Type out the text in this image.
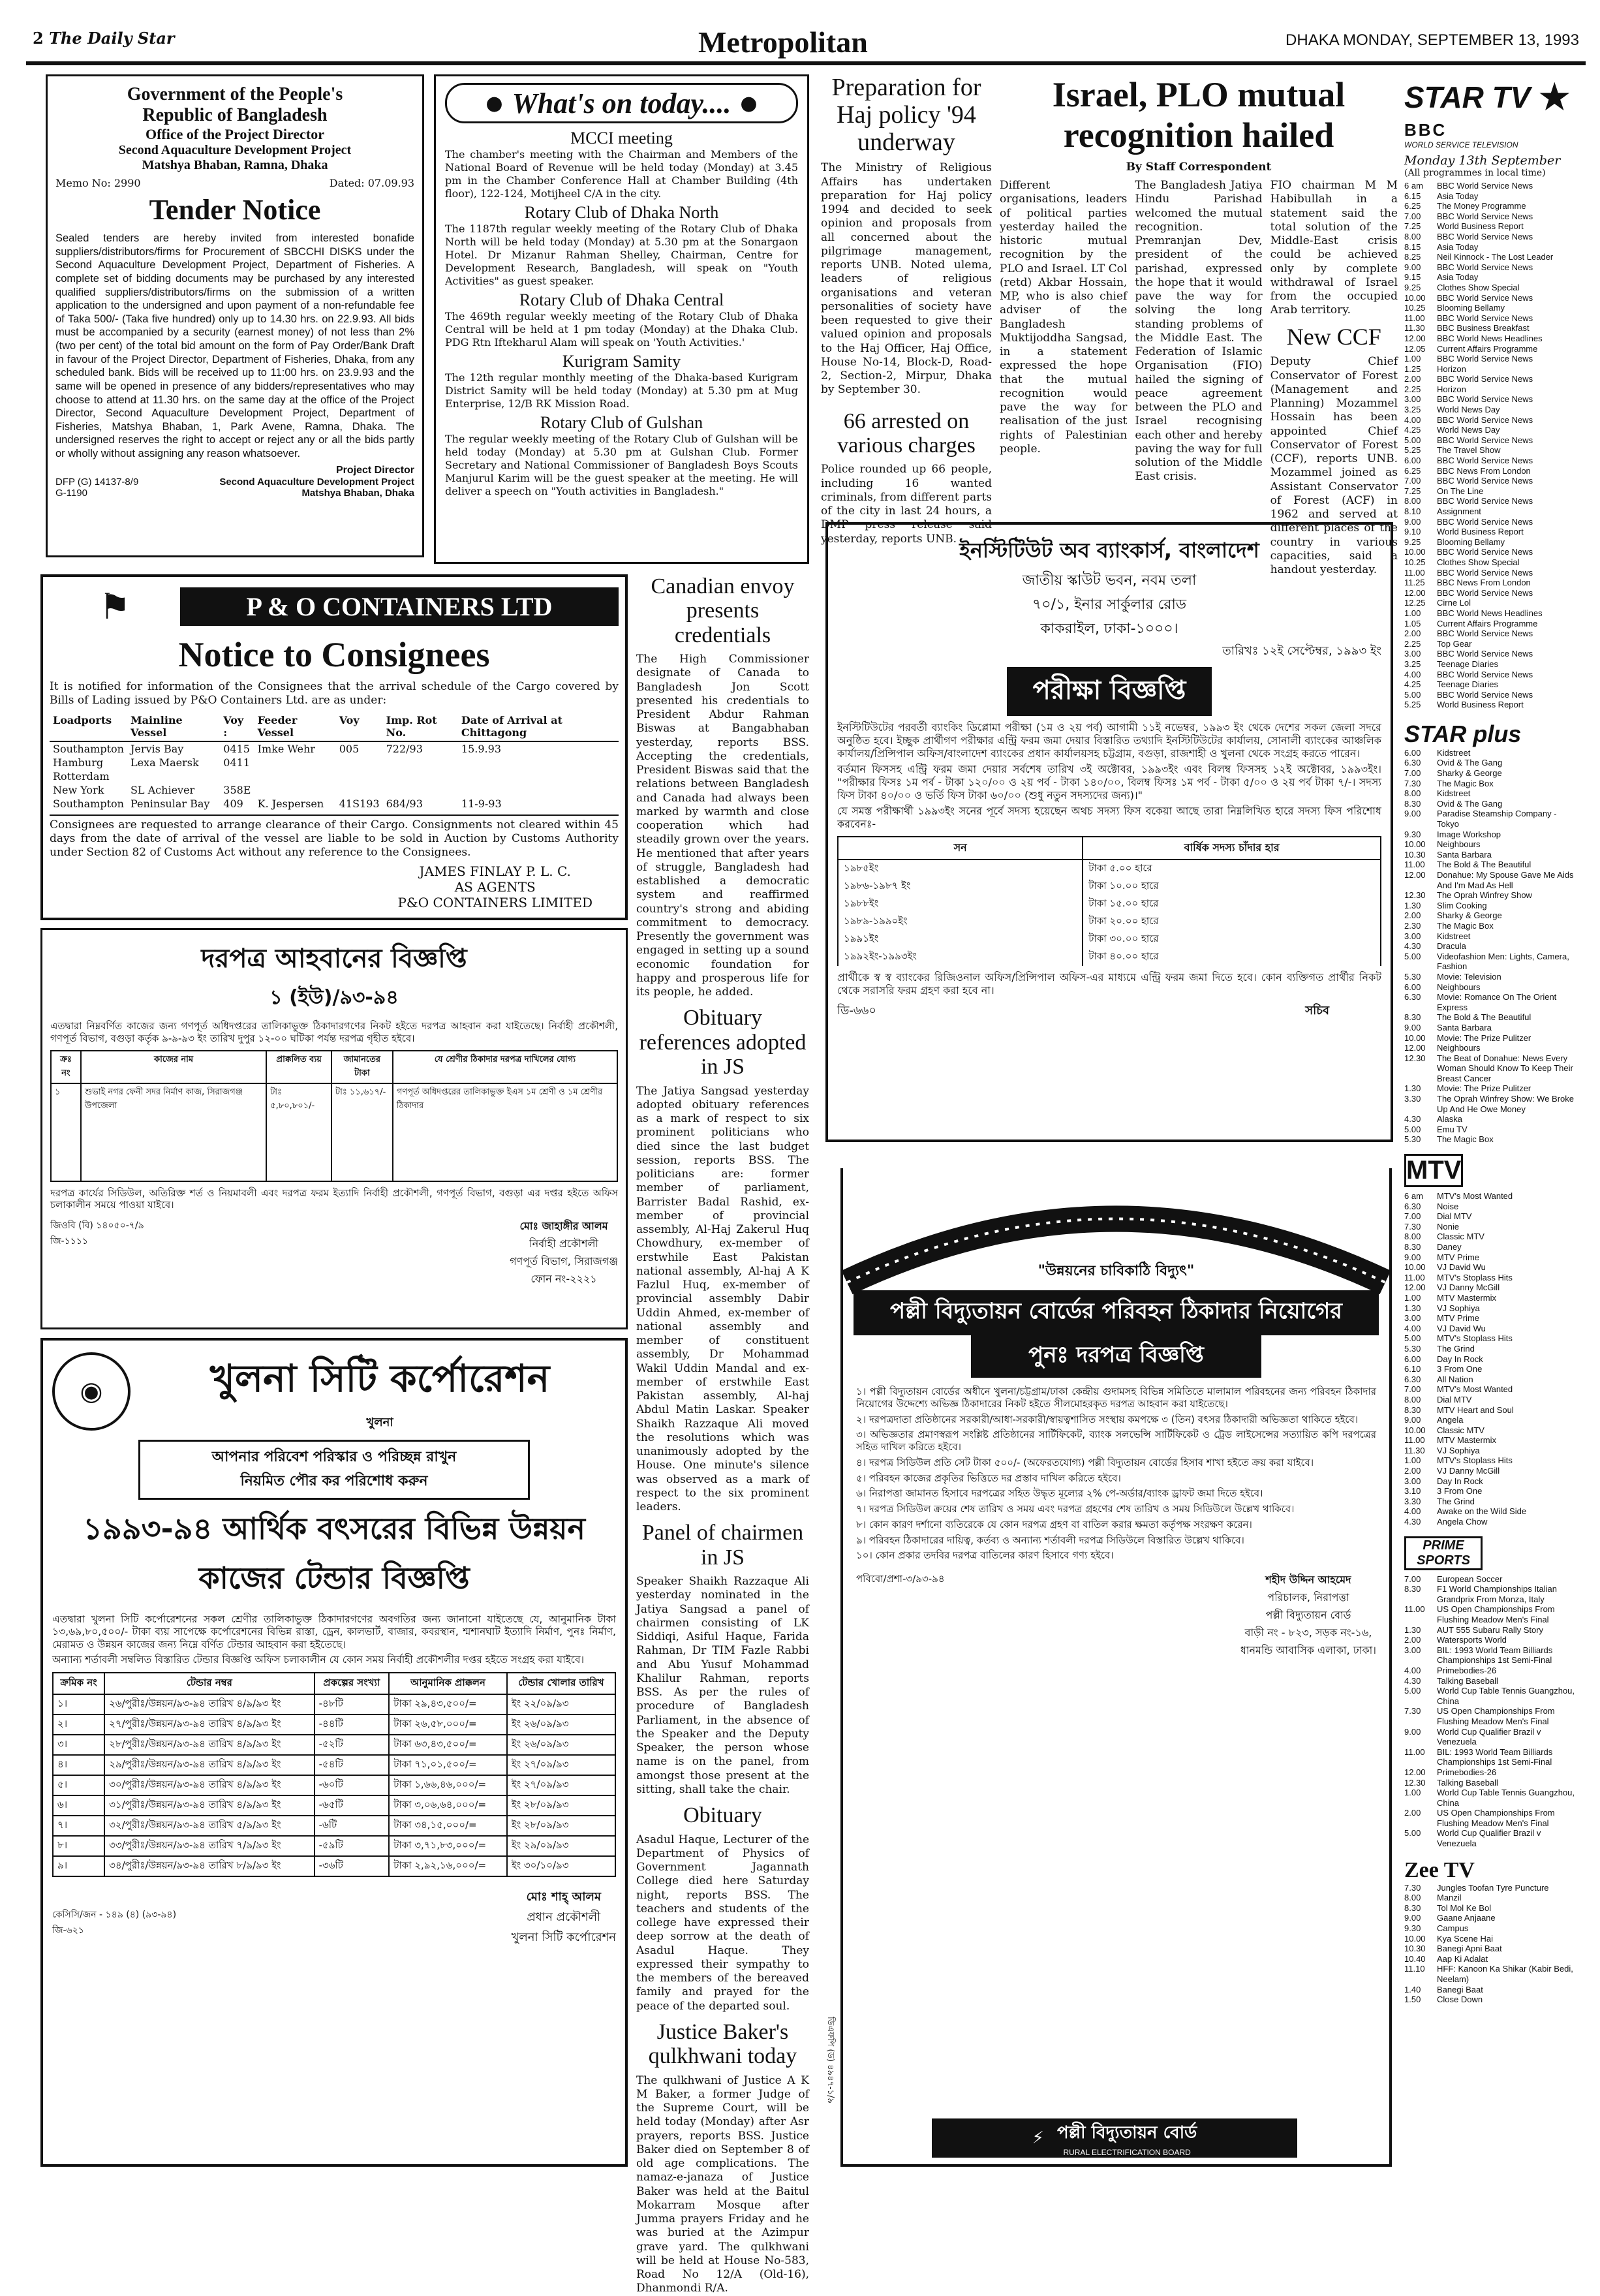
2 The Daily Star	Metropolitan	DHAKA MONDAY, SEPTEMBER 13, 1993
Government of the People's
Republic of Bangladesh
Office of the Project Director
Second Aquaculture Development Project
Matshya Bhaban, Ramna, Dhaka
Memo No: 2990	Dated: 07.09.93
Tender Notice
Sealed tenders are hereby invited from interested bonafide suppliers/distributors/firms for Procurement of SBCCHI DISKS under the Second Aquaculture Development Project, Department of Fisheries. A complete set of bidding documents may be purchased by any interested qualified suppliers/distributors/firms on the submission of a written application to the undersigned and upon payment of a non-refundable fee of Taka 500/- (Taka five hundred) only up to 14.30 hrs. on 22.9.93. All bids must be accompanied by a security (earnest money) of not less than 2% (two per cent) of the total bid amount on the form of Pay Order/Bank Draft in favour of the Project Director, Department of Fisheries, Dhaka, from any scheduled bank. Bids will be received up to 11:00 hrs. on 23.9.93 and the same will be opened in presence of any bidders/representatives who may choose to attend at 11.30 hrs. on the same day at the office of the Project Director, Second Aquaculture Development Project, Department of Fisheries, Matshya Bhaban, 1, Park Avene, Ramna, Dhaka. The undersigned reserves the right to accept or reject any or all the bids partly or wholly without assigning any reason whatsoever.
Project Director
DFP (G) 14137-8/9
G-1190
Second Aquaculture Development Project
Matshya Bhaban, Dhaka
● What's on today.... ●
MCCI meeting
The chamber's meeting with the Chairman and Members of the National Board of Revenue will be held today (Monday) at 3.45 pm in the Chamber Conference Hall at Chamber Building (4th floor), 122-124, Motijheel C/A in the city.
Rotary Club of Dhaka North
The 1187th regular weekly meeting of the Rotary Club of Dhaka North will be held today (Monday) at 5.30 pm at the Sonargaon Hotel. Dr Mizanur Rahman Shelley, Chairman, Centre for Development Research, Bangladesh, will speak on "Youth Activities" as guest speaker.
Rotary Club of Dhaka Central
The 469th regular weekly meeting of the Rotary Club of Dhaka Central will be held at 1 pm today (Monday) at the Dhaka Club. PDG Rtn Iftekharul Alam will speak on 'Youth Activities.'
Kurigram Samity
The 12th regular monthly meeting of the Dhaka-based Kurigram District Samity will be held today (Monday) at 5.30 pm at Mug Enterprise, 12/B RK Mission Road.
Rotary Club of Gulshan
The regular weekly meeting of the Rotary Club of Gulshan will be held today (Monday) at 5.30 pm at Gulshan Club. Former Secretary and National Commissioner of Bangladesh Boys Scouts Manjurul Karim will be the guest speaker at the meeting. He will deliver a speech on "Youth activities in Bangladesh."
Preparation for Haj policy '94 underway
The Ministry of Religious Affairs has undertaken preparation for Haj policy 1994 and decided to seek opinion and proposals from all concerned about the pilgrimage management, reports UNB. Noted ulema, leaders of religious organisations and veteran personalities of society have been requested to give their valued opinion and proposals to the Haj Officer, Haj Office, House No-14, Block-D, Road-2, Section-2, Mirpur, Dhaka by September 30.
66 arrested on various charges
Police rounded up 66 people, including 16 wanted criminals, from different parts of the city in last 24 hours, a DMP press release said yesterday, reports UNB.
Israel, PLO mutual recognition hailed
By Staff Correspondent
Different organisations, leaders of political parties yesterday hailed the historic mutual recognition by the PLO and Israel. LT Col (retd) Akbar Hossain, MP, who is also chief adviser of the Bangladesh Muktijoddha Sangsad, in a statement expressed the hope that the mutual recognition would pave the way for realisation of the just rights of Palestinian people.
The Bangladesh Jatiya Hindu Parishad welcomed the mutual recognition. Premranjan Dev, president of the parishad, expressed the hope that it would pave the way for solving the long standing problems of the Middle East. The Federation of Islamic Organisation (FIO) hailed the signing of peace agreement between the PLO and Israel recognising each other and hereby paving the way for full solution of the Middle East crisis.
FIO chairman M M Habibullah in a statement said the total solution of the Middle-East crisis could be achieved only by complete withdrawal of Israel from the occupied Arab territory.
New CCF
Deputy Chief Conservator of Forest (Management and Planning) Mozammel Hossain has been appointed Chief Conservator of Forest (CCF), reports UNB. Mozammel joined as Assistant Conservator of Forest (ACF) in 1962 and served at different places of the country in various capacities, said a handout yesterday.
STAR TV ★
BBC
WORLD SERVICE TELEVISION
Monday 13th September
(All programmes in local time)
6 am	BBC World Service News
6.15	Asia Today
6.25	The Money Programme
7.00	BBC World Service News
7.25	World Business Report
8.00	BBC World Service News
8.15	Asia Today
8.25	Neil Kinnock - The Lost Leader
9.00	BBC World Service News
9.15	Asia Today
9.25	Clothes Show Special
10.00	BBC World Service News
10.25	Blooming Bellamy
11.00	BBC World Service News
11.30	BBC Business Breakfast
12.00	BBC World News Headlines
12.05	Current Affairs Programme
1.00	BBC World Service News
1.25	Horizon
2.00	BBC World Service News
2.25	Horizon
3.00	BBC World Service News
3.25	World News Day
4.00	BBC World Service News
4.25	World News Day
5.00	BBC World Service News
5.25	The Travel Show
6.00	BBC World Service News
6.25	BBC News From London
7.00	BBC World Service News
7.25	On The Line
8.00	BBC World Service News
8.10	Assignment
9.00	BBC World Service News
9.10	World Business Report
9.25	Blooming Bellamy
10.00	BBC World Service News
10.25	Clothes Show Special
11.00	BBC World Service News
11.25	BBC News From London
12.00	BBC World Service News
12.25	Cirne Lol
1.00	BBC World News Headlines
1.05	Current Affairs Programme
2.00	BBC World Service News
2.25	Top Gear
3.00	BBC World Service News
3.25	Teenage Diaries
4.00	BBC World Service News
4.25	Teenage Diaries
5.00	BBC World Service News
5.25	World Business Report
STAR plus
6.00	Kidstreet
6.30	Ovid & The Gang
7.00	Sharky & George
7.30	The Magic Box
8.00	Kidstreet
8.30	Ovid & The Gang
9.00	Paradise Steamship Company - Tokyo
9.30	Image Workshop
10.00	Neighbours
10.30	Santa Barbara
11.00	The Bold & The Beautiful
12.00	Donahue: My Spouse Gave Me Aids And I'm Mad As Hell
12.30	The Oprah Winfrey Show
1.30	Slim Cooking
2.00	Sharky & George
2.30	The Magic Box
3.00	Kidstreet
4.30	Dracula
5.00	Videofashion Men: Lights, Camera, Fashion
5.30	Movie: Television
6.00	Neighbours
6.30	Movie: Romance On The Orient Express
8.30	The Bold & The Beautiful
9.00	Santa Barbara
10.00	Movie: The Prize Pulitzer
12.00	Neighbours
12.30	The Beat of Donahue: News Every Woman Should Know To Keep Their Breast Cancer
1.30	Movie: The Prize Pulitzer
3.30	The Oprah Winfrey Show: We Broke Up And He Owe Money
4.30	Alaska
5.00	Emu TV
5.30	The Magic Box
MTV
6 am	MTV's Most Wanted
6.30	Noise
7.00	Dial MTV
7.30	Nonie
8.00	Classic MTV
8.30	Daney
9.00	MTV Prime
10.00	VJ David Wu
11.00	MTV's Stoplass Hits
12.00	VJ Danny McGill
1.00	MTV Mastermix
1.30	VJ Sophiya
3.00	MTV Prime
4.00	VJ David Wu
5.00	MTV's Stoplass Hits
5.30	The Grind
6.00	Day In Rock
6.10	3 From One
6.30	All Nation
7.00	MTV's Most Wanted
8.00	Dial MTV
8.30	MTV Heart and Soul
9.00	Angela
10.00	Classic MTV
11.00	MTV Mastermix
11.30	VJ Sophiya
1.00	MTV's Stoplass Hits
2.00	VJ Danny McGill
3.00	Day In Rock
3.10	3 From One
3.30	The Grind
4.00	Awake on the Wild Side
4.30	Angela Chow
PRIME SPORTS
7.00	European Soccer
8.30	F1 World Championships Italian Grandprix From Monza, Italy
11.00	US Open Championships From Flushing Meadow Men's Final
1.30	AUT 555 Subaru Rally Story
2.00	Watersports World
3.00	BIL: 1993 World Team Billiards Championships 1st Semi-Final
4.00	Primebodies-26
4.30	Talking Baseball
5.00	World Cup Table Tennis Guangzhou, China
7.30	US Open Championships From Flushing Meadow Men's Final
9.00	World Cup Qualifier Brazil v Venezuela
11.00	BIL: 1993 World Team Billiards Championships 1st Semi-Final
12.00	Primebodies-26
12.30	Talking Baseball
1.00	World Cup Table Tennis Guangzhou, China
2.00	US Open Championships From Flushing Meadow Men's Final
5.00	World Cup Qualifier Brazil v Venezuela
Zee TV
7.30	Jungles Toofan Tyre Puncture
8.00	Manzil
8.30	Tol Mol Ke Bol
9.00	Gaane Anjaane
9.30	Campus
10.00	Kya Scene Hai
10.30	Banegi Apni Baat
10.40	Aap Ki Adalat
11.10	HFF: Kanoon Ka Shikar (Kabir Bedi, Neelam)
1.40	Banegi Baat
1.50	Close Down
⚑	P & O CONTAINERS LTD
Notice to Consignees
It is notified for information of the Consignees that the arrival schedule of the Cargo covered by Bills of Lading issued by P&O Containers Ltd. are as under:
Loadports	Mainline Vessel	Voy :	Feeder Vessel	Voy	Imp. Rot No.	Date of Arrival at Chittagong
Southampton	Jervis Bay	0415	Imke Wehr	005	722/93	15.9.93
Hamburg	Lexa Maersk	0411				
Rotterdam						
New York	SL Achiever	358E				
Southampton	Peninsular Bay	409	K. Jespersen	41S193	684/93	11-9-93
Consignees are requested to arrange clearance of their Cargo. Consignments not cleared within 45 days from the date of arrival of the vessel are liable to be sold in Auction by Customs Authority under Section 82 of Customs Act without any reference to the Consignees.
JAMES FINLAY P. L. C.
AS AGENTS
P&O CONTAINERS LIMITED
দরপত্র আহবানের বিজ্ঞপ্তি
১ (ইউ)/৯৩-৯৪
এতদ্বারা নিম্নবর্ণিত কাজের জন্য গণপূর্ত অধিদপ্তরের তালিকাভুক্ত ঠিকাদারগণের নিকট হইতে দরপত্র আহবান করা যাইতেছে। নির্বাহী প্রকৌশলী, গণপূর্ত বিভাগ, বগুড়া কর্তৃক ৯-৯-৯৩ ইং তারিখ দুপুর ১২-০০ ঘটিকা পর্যন্ত দরপত্র গৃহীত হইবে।
ক্রঃ নং	কাজের নাম	প্রাক্কলিত ব্যয়	জামানতের টাকা	যে শ্রেণীর ঠিকাদার দরপত্র দাখিলের যোগ্য
১	শুভাই নগর ফেনী সদর নির্মাণ কাজ, সিরাজগঞ্জ উপজেলা	টাঃ ৫,৮০,৮০১/-	টাঃ ১১,৬১৭/-	গণপূর্ত অধিদপ্তরের তালিকাভুক্ত ইএস ১ম শ্রেণী ও ১ম শ্রেণীর ঠিকাদার
দরপত্র কার্যের সিডিউল, অতিরিক্ত শর্ত ও নিয়মাবলী এবং দরপত্র ফরম ইত্যাদি নির্বাহী প্রকৌশলী, গণপূর্ত বিভাগ, বগুড়া এর দপ্তর হইতে অফিস চলাকালীন সময়ে পাওয়া যাইবে।
জিওবি (বি) ১৪০৫০-৭/৯
জি-১১১১
মোঃ জাহাঙ্গীর আলম
নির্বাহী প্রকৌশলী
গণপূর্ত বিভাগ, সিরাজগঞ্জ
ফোন নং-২২২১
◉	খুলনা সিটি কর্পোরেশন
খুলনা
আপনার পরিবেশ পরিস্কার ও পরিচ্ছন্ন রাখুন
নিয়মিত পৌর কর পরিশোধ করুন
১৯৯৩-৯৪ আর্থিক বৎসরের বিভিন্ন উন্নয়ন
কাজের টেন্ডার বিজ্ঞপ্তি
এতদ্বারা খুলনা সিটি কর্পোরেশনের সকল শ্রেণীর তালিকাভুক্ত ঠিকাদারগণের অবগতির জন্য জানানো যাইতেছে যে, আনুমানিক টাকা ১৩,৬৯,৮০,৫০০/- টাকা ব্যয় সাপেক্ষে কর্পোরেশনের বিভিন্ন রাস্তা, ড্রেন, কালভার্ট, বাজার, কবরস্থান, শ্মশানঘাট ইত্যাদি নির্মাণ, পুনঃ নির্মাণ, মেরামত ও উন্নয়ন কাজের জন্য নিম্নে বর্ণিত টেন্ডার আহবান করা হইতেছে।
অন্যান্য শর্তাবলী সম্বলিত বিস্তারিত টেন্ডার বিজ্ঞপ্তি অফিস চলাকালীন যে কোন সময় নির্বাহী প্রকৌশলীর দপ্তর হইতে সংগ্রহ করা যাইবে।
ক্রমিক নং	টেন্ডার নম্বর	প্রকল্পের সংখ্যা	আনুমানিক প্রাক্কলন	টেন্ডার খোলার তারিখ
১।	২৬/পুরীঃ/উন্নয়ন/৯৩-৯৪ তারিখ ৪/৯/৯৩ ইং	-৪৮টি	টাকা ২৯,৪৩,৫০০/=	ইং ২২/০৯/৯৩
২।	২৭/পুরীঃ/উন্নয়ন/৯৩-৯৪ তারিখ ৪/৯/৯৩ ইং	-৪৪টি	টাকা ২৬,৫৮,০০০/=	ইং ২৬/০৯/৯৩
৩।	২৮/পুরীঃ/উন্নয়ন/৯৩-৯৪ তারিখ ৪/৯/৯৩ ইং	-৫২টি	টাকা ৬৩,৪৩,৫০০/=	ইং ২৬/০৯/৯৩
৪।	২৯/পুরীঃ/উন্নয়ন/৯৩-৯৪ তারিখ ৪/৯/৯৩ ইং	-৫৪টি	টাকা ৭১,০১,৫০০/=	ইং ২৭/০৯/৯৩
৫।	৩০/পুরীঃ/উন্নয়ন/৯৩-৯৪ তারিখ ৪/৯/৯৩ ইং	-৬০টি	টাকা ১,৬৬,৪৬,০০০/=	ইং ২৭/০৯/৯৩
৬।	৩১/পুরীঃ/উন্নয়ন/৯৩-৯৪ তারিখ ৪/৯/৯৩ ইং	-৬৫টি	টাকা ৩,০৬,৬৪,০০০/=	ইং ২৮/০৯/৯৩
৭।	৩২/পুরীঃ/উন্নয়ন/৯৩-৯৪ তারিখ ৫/৯/৯৩ ইং	-৬টি	টাকা ৩৪,১৫,০০০/=	ইং ২৮/০৯/৯৩
৮।	৩৩/পুরীঃ/উন্নয়ন/৯৩-৯৪ তারিখ ৭/৯/৯৩ ইং	-৫৯টি	টাকা ৩,৭১,৮৩,০০০/=	ইং ২৯/০৯/৯৩
৯।	৩৪/পুরীঃ/উন্নয়ন/৯৩-৯৪ তারিখ ৮/৯/৯৩ ইং	-৩৬টি	টাকা ২,৯২,১৬,০০০/=	ইং ৩০/১০/৯৩
কেসিসি/জন - ১৪৯ (৪) (৯৩-৯৪)
জি-৬২১
মোঃ শাহ্ আলম
প্রধান প্রকৌশলী
খুলনা সিটি কর্পোরেশন
Canadian envoy presents credentials
The High Commissioner designate of Canada to Bangladesh Jon Scott presented his credentials to President Abdur Rahman Biswas at Bangabhaban yesterday, reports BSS. Accepting the credentials, President Biswas said that the relations between Bangladesh and Canada had always been marked by warmth and close cooperation which had steadily grown over the years. He mentioned that after years of struggle, Bangladesh had established a democratic system and reaffirmed country's strong and abiding commitment to democracy. Presently the government was engaged in setting up a sound economic foundation for happy and prosperous life for its people, he added.
Obituary references adopted in JS
The Jatiya Sangsad yesterday adopted obituary references as a mark of respect to six prominent politicians who died since the last budget session, reports BSS. The politicians are: former member of parliament, Barrister Badal Rashid, ex-member of provincial assembly, Al-Haj Zakerul Huq Chowdhury, ex-member of erstwhile East Pakistan national assembly, Al-haj A K Fazlul Huq, ex-member of provincial assembly Dabir Uddin Ahmed, ex-member of national assembly and member of constituent assembly, Dr Mohammad Wakil Uddin Mandal and ex-member of erstwhile East Pakistan assembly, Al-haj Abdul Matin Laskar. Speaker Shaikh Razzaque Ali moved the resolutions which was unanimously adopted by the House. One minute's silence was observed as a mark of respect to the six prominent leaders.
Panel of chairmen in JS
Speaker Shaikh Razzaque Ali yesterday nominated in the Jatiya Sangsad a panel of chairmen consisting of LK Siddiqi, Asiful Haque, Farida Rahman, Dr TIM Fazle Rabbi and Abu Yusuf Mohammad Khalilur Rahman, reports BSS. As per the rules of procedure of Bangladesh Parliament, in the absence of the Speaker and the Deputy Speaker, the person whose name is on the panel, from amongst those present at the sitting, shall take the chair.
Obituary
Asadul Haque, Lecturer of the Department of Physics of Government Jagannath College died here Saturday night, reports BSS. The teachers and students of the college have expressed their deep sorrow at the death of Asadul Haque. They expressed their sympathy to the members of the bereaved family and prayed for the peace of the departed soul.
Justice Baker's qulkhwani today
The qulkhwani of Justice A K M Baker, a former Judge of the Supreme Court, will be held today (Monday) after Asr prayers, reports BSS. Justice Baker died on September 8 of old age complications. The namaz-e-janaza of Justice Baker was held at the Baitul Mokarram Mosque after Jumma prayers Friday and he was buried at the Azimpur grave yard. The qulkhwani will be held at House No-583, Road No 12/A (Old-16), Dhanmondi R/A.
ইনস্টিটিউট অব ব্যাংকার্স, বাংলাদেশ
জাতীয় স্কাউট ভবন, নবম তলা
৭০/১, ইনার সার্কুলার রোড
কাকরাইল, ঢাকা-১০০০।
তারিখঃ ১২ই সেপ্টেম্বর, ১৯৯৩ ইং
পরীক্ষা বিজ্ঞপ্তি
ইনস্টিটিউটের পরবর্তী ব্যাংকিং ডিপ্লোমা পরীক্ষা (১ম ও ২য় পর্ব) আগামী ১১ই নভেম্বর, ১৯৯৩ ইং থেকে দেশের সকল জেলা সদরে অনুষ্ঠিত হবে। ইচ্ছুক প্রার্থীগণ পরীক্ষার এন্ট্রি ফরম জমা দেয়ার বিস্তারিত তথ্যাদি ইনস্টিটিউটের কার্যালয়, সোনালী ব্যাংকের আঞ্চলিক কার্যালয়/প্রিন্সিপাল অফিস/বাংলাদেশ ব্যাংকের প্রধান কার্যালয়সহ চট্টগ্রাম, বগুড়া, রাজশাহী ও খুলনা থেকে সংগ্রহ করতে পারেন।
বর্তমান ফিসসহ এন্ট্রি ফরম জমা দেয়ার সর্বশেষ তারিখ ৩ই অক্টোবর, ১৯৯৩ইং এবং বিলম্ব ফিসসহ ১২ই অক্টোবর, ১৯৯৩ইং। "পরীক্ষার ফিসঃ ১ম পর্ব - টাকা ১২০/০০ ও ২য় পর্ব - টাকা ১৪০/০০, বিলম্ব ফিসঃ ১ম পর্ব - টাকা ৫/০০ ও ২য় পর্ব টাকা ৭/-। সদস্য ফিস টাকা ৪০/০০ ও ভর্তি ফিস টাকা ৬০/০০ (শুধু নতুন সদস্যদের জন্য)।"
যে সমস্ত পরীক্ষার্থী ১৯৯৩ইং সনের পূর্বে সদস্য হয়েছেন অথচ সদস্য ফিস বকেয়া আছে তারা নিম্নলিখিত হারে সদস্য ফিস পরিশোধ করবেনঃ-
সন	বার্ষিক সদস্য চাঁদার হার
১৯৮৫ইং	টাকা ৫.০০ হারে
১৯৮৬-১৯৮৭ ইং	টাকা ১০.০০ হারে
১৯৮৮ইং	টাকা ১৫.০০ হারে
১৯৮৯-১৯৯০ইং	টাকা ২০.০০ হারে
১৯৯১ইং	টাকা ৩০.০০ হারে
১৯৯২ইং-১৯৯৩ইং	টাকা ৪০.০০ হারে
প্রার্থীকে স্ব স্ব ব্যাংকের রিজিওনাল অফিস/প্রিন্সিপাল অফিস-এর মাধ্যমে এন্ট্রি ফরম জমা দিতে হবে। কোন ব্যক্তিগত প্রার্থীর নিকট থেকে সরাসরি ফরম গ্রহণ করা হবে না।
ডি-৬৬০	সচিব
"উন্নয়নের চাবিকাঠি বিদ্যুৎ"
পল্লী বিদ্যুতায়ন বোর্ডের পরিবহন ঠিকাদার নিয়োগের
পুনঃ দরপত্র বিজ্ঞপ্তি
১। পল্লী বিদ্যুতায়ন বোর্ডের অধীনে খুলনা/চট্টগ্রাম/ঢাকা কেন্দ্রীয় গুদামসহ বিভিন্ন সমিতিতে মালামাল পরিবহনের জন্য পরিবহন ঠিকাদার নিয়োগের উদ্দেশ্যে অভিজ্ঞ ঠিকাদারের নিকট হইতে সীলমোহরকৃত দরপত্র আহবান করা যাইতেছে।
২। দরপত্রদাতা প্রতিষ্ঠানের সরকারী/আধা-সরকারী/স্বায়ত্বশাসিত সংস্থায় কমপক্ষে ৩ (তিন) বৎসর ঠিকাদারী অভিজ্ঞতা থাকিতে হইবে।
৩। অভিজ্ঞতার প্রমাণস্বরূপ সংশ্লিষ্ট প্রতিষ্ঠানের সার্টিফিকেট, ব্যাংক সলভেন্সি সার্টিফিকেট ও ট্রেড লাইসেন্সের সত্যায়িত কপি দরপত্রের সহিত দাখিল করিতে হইবে।
৪। দরপত্র সিডিউল প্রতি সেট টাকা ৫০০/- (অফেরতযোগ্য) পল্লী বিদ্যুতায়ন বোর্ডের হিসাব শাখা হইতে ক্রয় করা যাইবে।
৫। পরিবহন কাজের প্রকৃতির ভিত্তিতে দর প্রস্তাব দাখিল করিতে হইবে।
৬। নিরাপত্তা জামানত হিসাবে দরপত্রের সহিত উদ্ধৃত মূল্যের ২% পে-অর্ডার/ব্যাংক ড্রাফট জমা দিতে হইবে।
৭। দরপত্র সিডিউল ক্রয়ের শেষ তারিখ ও সময় এবং দরপত্র গ্রহণের শেষ তারিখ ও সময় সিডিউলে উল্লেখ থাকিবে।
৮। কোন কারণ দর্শানো ব্যতিরেকে যে কোন দরপত্র গ্রহণ বা বাতিল করার ক্ষমতা কর্তৃপক্ষ সংরক্ষণ করেন।
৯। পরিবহন ঠিকাদারের দায়িত্ব, কর্তব্য ও অন্যান্য শর্তাবলী দরপত্র সিডিউলে বিস্তারিত উল্লেখ থাকিবে।
১০। কোন প্রকার তদবির দরপত্র বাতিলের কারণ হিসাবে গণ্য হইবে।
পবিবো/প্রশা-৩/৯৩-৯৪	শহীদ উদ্দিন আহমেদ
পরিচালক, নিরাপত্তা
পল্লী বিদ্যুতায়ন বোর্ড
বাড়ী নং - ৮২৩, সড়ক নং-১৬,
ধানমন্ডি আবাসিক এলাকা, ঢাকা।
⚡ পল্লী বিদ্যুতায়ন বোর্ড
RURAL ELECTRIFICATION BOARD
ডিএফপি (ড) ৪৯৪৭-১/৯
